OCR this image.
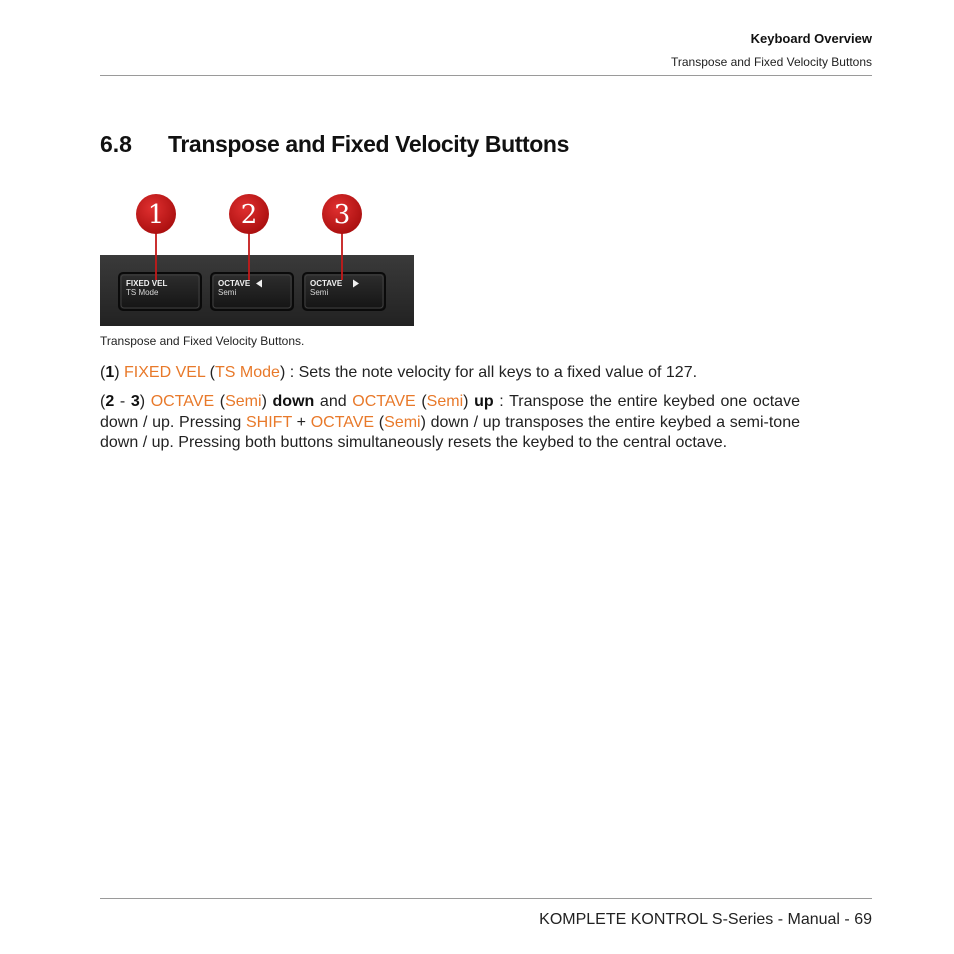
Keyboard Overview
Transpose and Fixed Velocity Buttons
6.8 Transpose and Fixed Velocity Buttons
FIXED VEL
TS Mode
OCTAVE
Semi
OCTAVE
Semi
1	2	3
Transpose and Fixed Velocity Buttons.

(1) FIXED VEL (TS Mode) : Sets the note velocity for all keys to a fixed value of 127.

(2 - 3) OCTAVE (Semi) down and OCTAVE (Semi) up : Transpose the entire keybed one octave down / up. Pressing SHIFT + OCTAVE (Semi) down / up transposes the entire keybed a semi-tone down / up. Pressing both buttons simultaneously resets the keybed to the central octave.

KOMPLETE KONTROL S-Series - Manual - 69
